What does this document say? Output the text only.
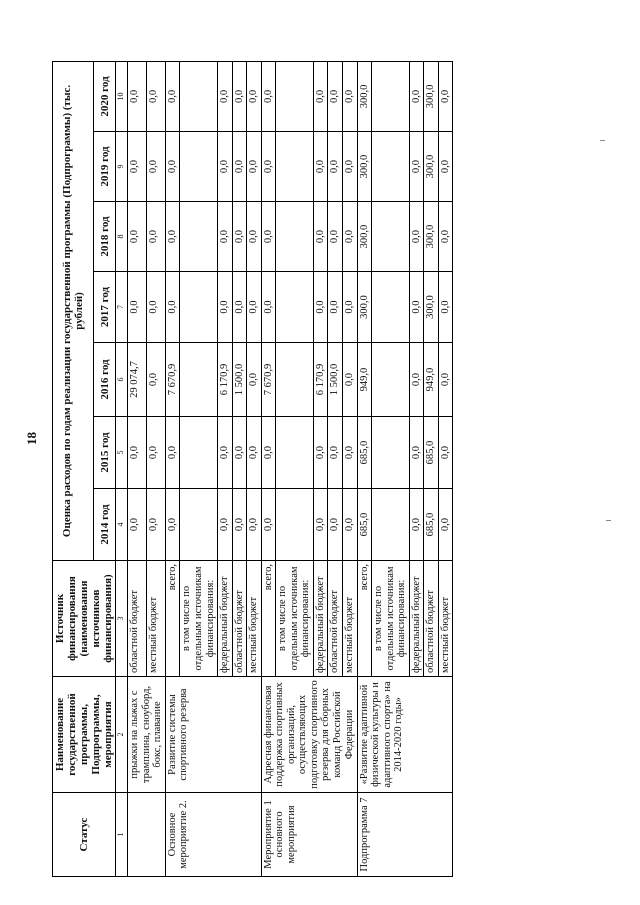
18
Статус	Наименование государственной программы, Подпрограммы, мероприятия	Источник финансирования (наименования источников финансирования)	Оценка расходов по годам реализации государственной программы (Подпрограммы) (тыс. рублей)						
			2014 год	2015 год	2016 год	2017 год	2018 год	2019 год	2020 год
1	2	3	4	5	6	7	8	9	10
	прыжки на лыжах с трамплина, сноуборд, бокс, плавание	областной бюджет	0,0	0,0	29 074,7	0,0	0,0	0,0	0,0
		местный бюджет	0,0	0,0	0,0	0,0	0,0	0,0	0,0
Основное мероприятие 2.	Развитие системы спортивного резерва	всего,	0,0	0,0	7 670,9	0,0	0,0	0,0	0,0
		в том числе по отдельным источникам финансирования:							
		федеральный бюджет	0,0	0,0	6 170,9	0,0	0,0	0,0	0,0
		областной бюджет	0,0	0,0	1 500,0	0,0	0,0	0,0	0,0
		местный бюджет	0,0	0,0	0,0	0,0	0,0	0,0	0,0
Мероприятие 1 основного мероприятия	Адресная финансовая поддержка спортивных организаций, осуществляющих подготовку спортивного резерва для сборных команд Российской Федерации	всего,	0,0	0,0	7 670,9	0,0	0,0	0,0	0,0
		в том числе по отдельным источникам финансирования:							
		федеральный бюджет	0,0	0,0	6 170,9	0,0	0,0	0,0	0,0
		областной бюджет	0,0	0,0	1 500,0	0,0	0,0	0,0	0,0
		местный бюджет	0,0	0,0	0,0	0,0	0,0	0,0	0,0
Подпрограмма 7	«Развитие адаптивной физической культуры и адаптивного спорта» на 2014-2020 годы»	всего,	685,0	685,0	949,0	300,0	300,0	300,0	300,0
		в том числе по отдельным источникам финансирования:							
		федеральный бюджет	0,0	0,0	0,0	0,0	0,0	0,0	0,0
		областной бюджет	685,0	685,0	949,0	300,0	300,0	300,0	300,0
		местный бюджет	0,0	0,0	0,0	0,0	0,0	0,0	0,0
